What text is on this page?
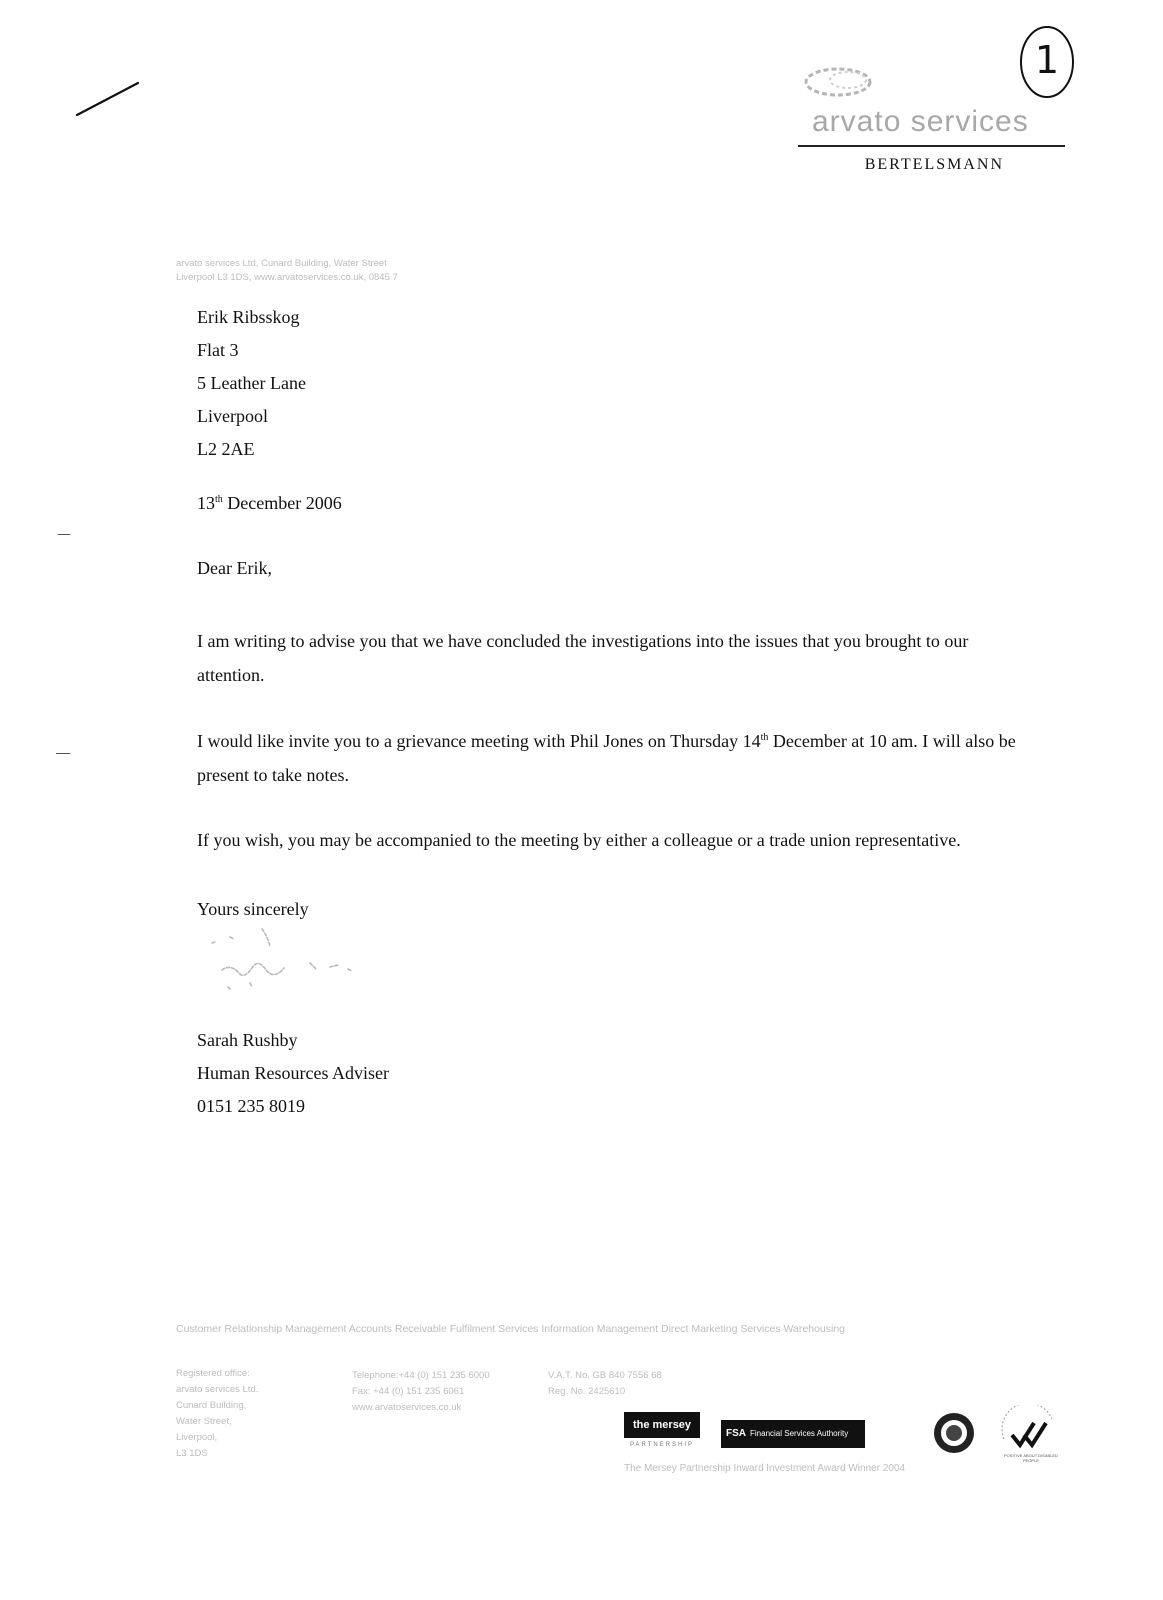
1
arvato services
BERTELSMANN
arvato services Ltd, Cunard Building, Water Street
Liverpool L3 1DS, www.arvatoservices.co.uk, 0845 7
Erik Ribsskog
Flat 3
5 Leather Lane
Liverpool
L2 2AE
13th December 2006
Dear Erik,
I am writing to advise you that we have concluded the investigations into the issues that you brought to our attention.
I would like invite you to a grievance meeting with Phil Jones on Thursday 14th December at 10 am. I will also be present to take notes.
If you wish, you may be accompanied to the meeting by either a colleague or a trade union representative.
Yours sincerely
Sarah Rushby
Human Resources Adviser
0151 235 8019
Customer Relationship Management Accounts Receivable Fulfilment Services Information Management Direct Marketing Services Warehousing
Registered office:
arvato services Ltd.
Cunard Building,
Water Street,
Liverpool,
L3 1DS
Telephone:+44 (0) 151 235 6000
Fax: +44 (0) 151 235 6061
www.arvatoservices.co.uk
V.A.T. No. GB 840 7556 68
Reg. No. 2425610
the mersey
PARTNERSHIP
FSA Financial Services Authority
POSITIVE ABOUT DISABLED PEOPLE
The Mersey Partnership Inward Investment Award Winner 2004
